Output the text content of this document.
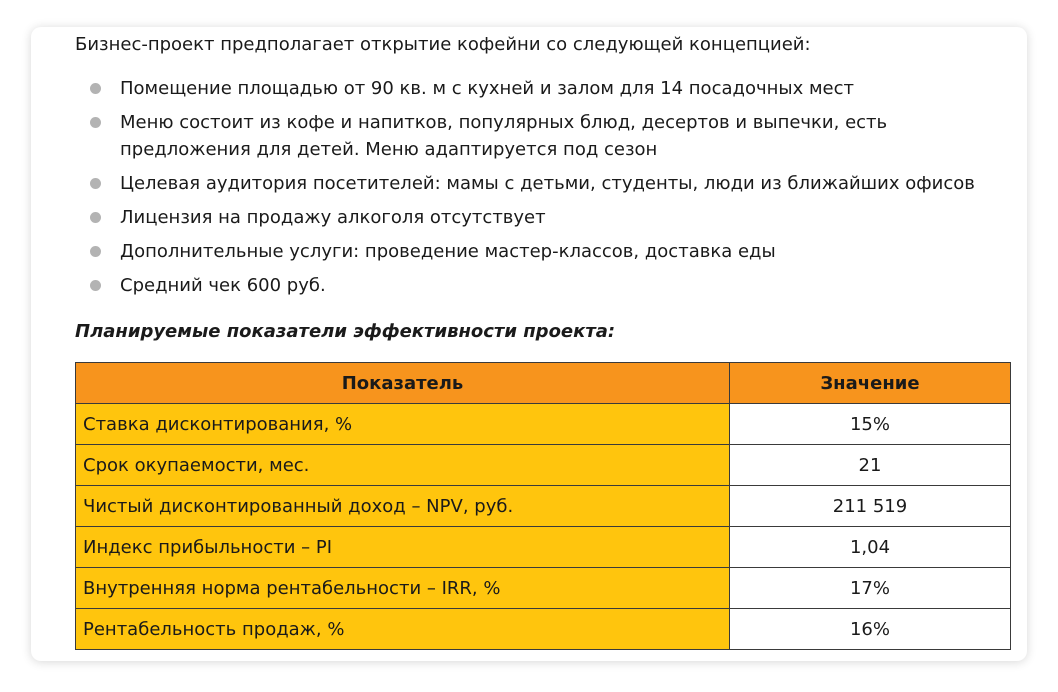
Бизнес-проект предполагает открытие кофейни со следующей концепцией:

Помещение площадью от 90 кв. м с кухней и залом для 14 посадочных мест
Меню состоит из кофе и напитков, популярных блюд, десертов и выпечки, есть предложения для детей. Меню адаптируется под сезон
Целевая аудитория посетителей: мамы с детьми, студенты, люди из ближайших офисов
Лицензия на продажу алкоголя отсутствует
Дополнительные услуги: проведение мастер-классов, доставка еды
Средний чек 600 руб.

Планируемые показатели эффективности проекта:

Показатель	Значение
Ставка дисконтирования, %	15%
Срок окупаемости, мес.	21
Чистый дисконтированный доход – NPV, руб.	211 519
Индекс прибыльности – PI	1,04
Внутренняя норма рентабельности – IRR, %	17%
Рентабельность продаж, %	16%
